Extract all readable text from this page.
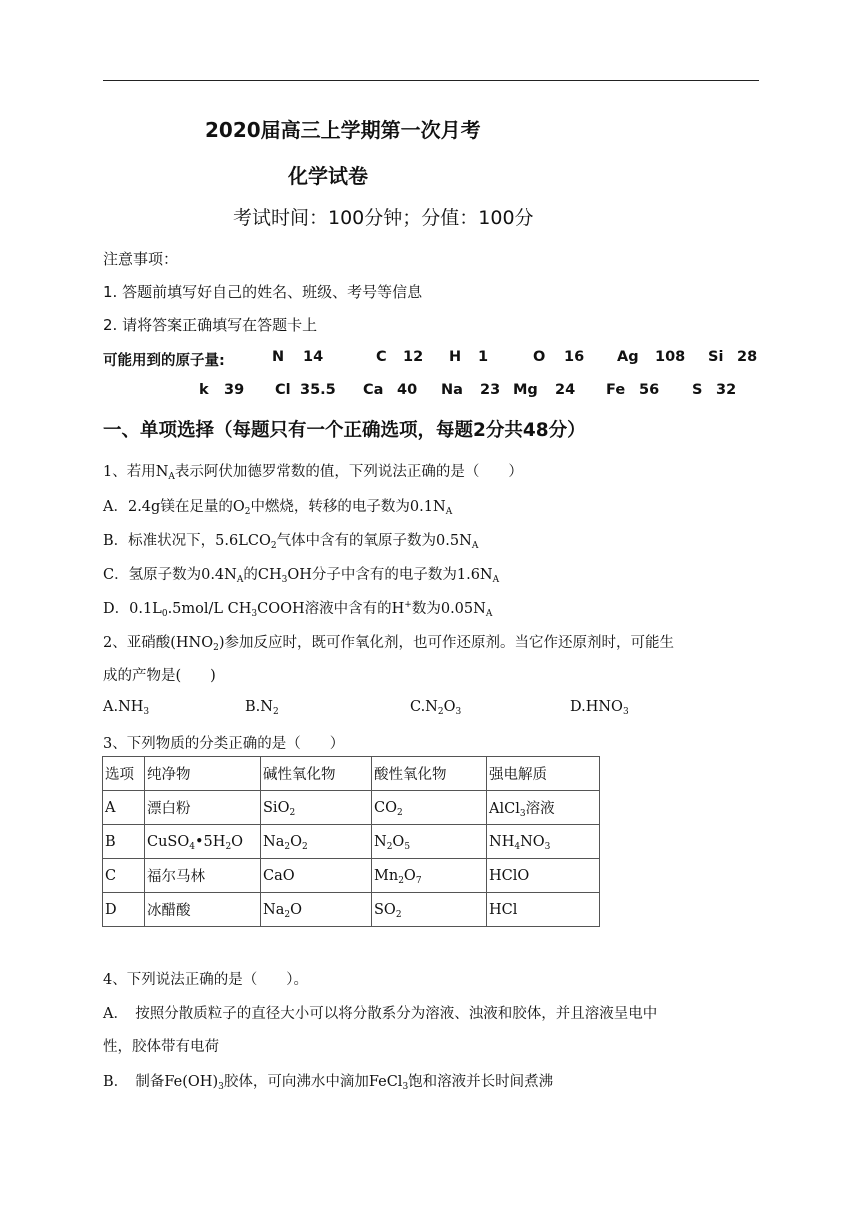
2020届高三上学期第一次月考
化学试卷
考试时间：100分钟；分值：100分
注意事项：
1. 答题前填写好自己的姓名、班级、考号等信息
2. 请将答案正确填写在答题卡上
可能用到的原子量:	N 14	C 12 H 1	O 16 Ag 108 Si 28
k 39 Cl 35.5 Ca 40 Na 23 Mg 24 Fe 56 S 32
一、单项选择（每题只有一个正确选项，每题2分共48分）
1、若用$N_A$表示阿伏加德罗常数的值，下列说法正确的是（　　）
A．2.4g镁在足量的$O_2$中燃烧，转移的电子数为$0.1N_A$
B．标准状况下，$5.6LCO_2$气体中含有的氧原子数为$0.5N_A$
C．氢原子数为$0.4N_A$的$CH_3OH$分子中含有的电子数为$1.6N_A$
D．$0.1L_0.5mol/L$ $CH_3COOH$溶液中含有的H+数为$0.05N_A$
2、亚硝酸$(HNO_2)$参加反应时，既可作氧化剂，也可作还原剂。当它作还原剂时，可能生
成的产物是(　　)
$A.NH_3$	$B.N_2$	$C.N_2O_3$	$D.HNO_3$
3、下列物质的分类正确的是（　　）
选项	纯净物	碱性氧化物	酸性氧化物	强电解质
A	漂白粉	SiO$_2$	$CO_2$	AlCl$_3$溶液
B	$CuSO_4•5H_2O$	$Na_2O_2$	$N_2O_5$	$NH_4NO_3$
C	福尔马林	CaO	$Mn_2O_7$	HClO
D	冰醋酸	$Na_2O$	$SO_2$	HCl
4、下列说法正确的是（　　）。
A．　按照分散质粒子的直径大小可以将分散系分为溶液、浊液和胶体，并且溶液呈电中
性，胶体带有电荷
B．　制备$Fe(OH)_3$胶体，可向沸水中滴加FeCl$_3$饱和溶液并长时间煮沸
